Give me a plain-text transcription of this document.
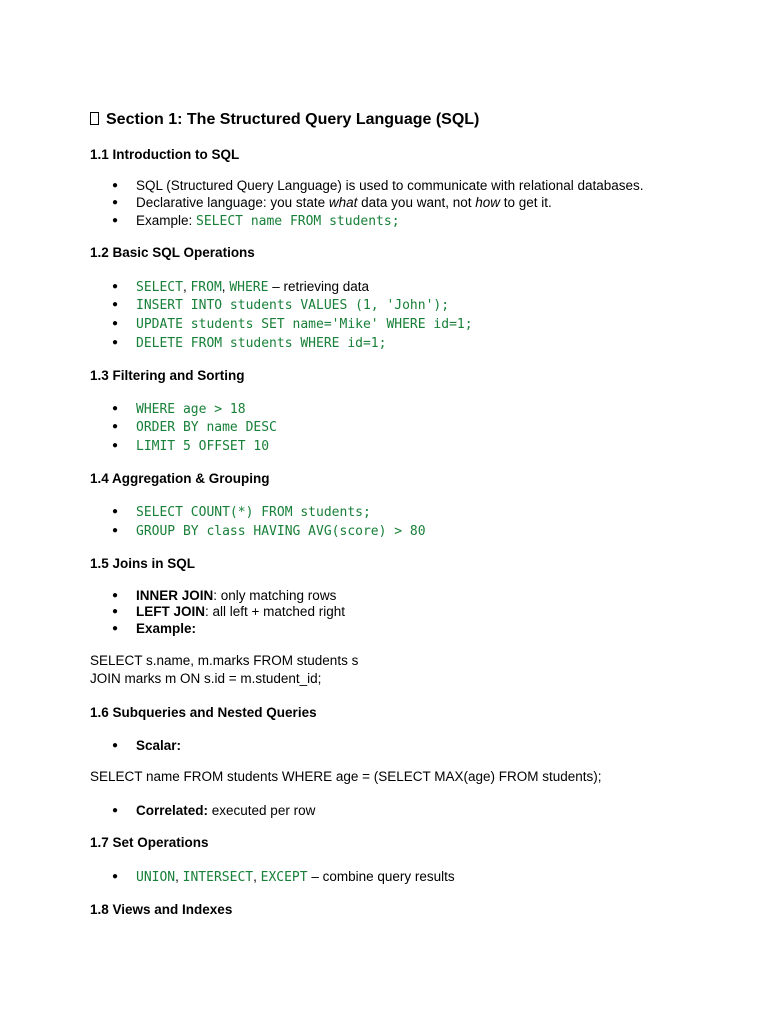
Section 1: The Structured Query Language (SQL)
1.1 Introduction to SQL
● SQL (Structured Query Language) is used to communicate with relational databases.
● Declarative language: you state what data you want, not how to get it.
● Example: SELECT name FROM students;
1.2 Basic SQL Operations
● SELECT, FROM, WHERE – retrieving data
● INSERT INTO students VALUES (1, 'John');
● UPDATE students SET name='Mike' WHERE id=1;
● DELETE FROM students WHERE id=1;
1.3 Filtering and Sorting
● WHERE age > 18
● ORDER BY name DESC
● LIMIT 5 OFFSET 10
1.4 Aggregation & Grouping
● SELECT COUNT(*) FROM students;
● GROUP BY class HAVING AVG(score) > 80
1.5 Joins in SQL
● INNER JOIN: only matching rows
● LEFT JOIN: all left + matched right
● Example:
SELECT s.name, m.marks FROM students s
JOIN marks m ON s.id = m.student_id;
1.6 Subqueries and Nested Queries
● Scalar:
SELECT name FROM students WHERE age = (SELECT MAX(age) FROM students);
● Correlated: executed per row
1.7 Set Operations
● UNION, INTERSECT, EXCEPT – combine query results
1.8 Views and Indexes
